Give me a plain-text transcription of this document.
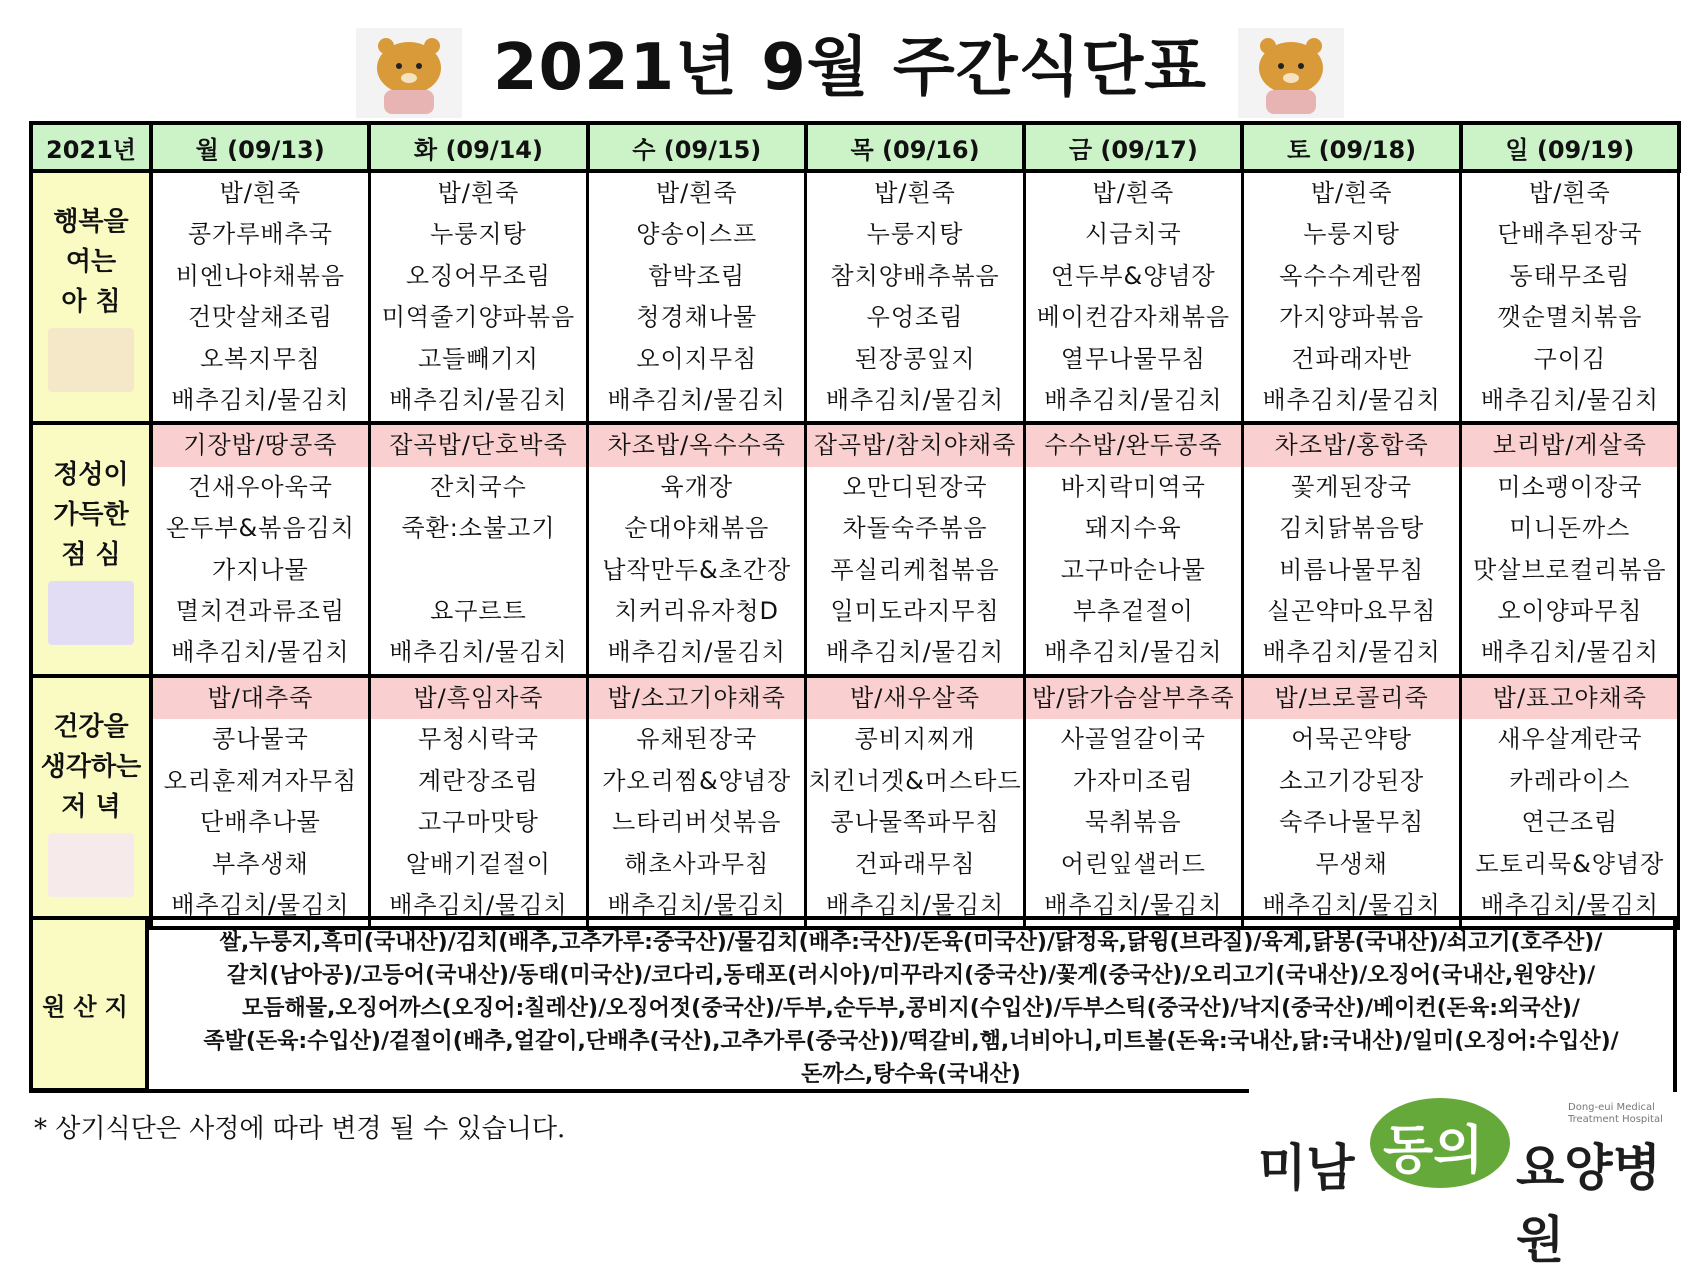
2021년 9월 주간식단표
2021년	월 (09/13)	화 (09/14)	수 (09/15)	목 (09/16)	금 (09/17)	토 (09/18)	일 (09/19)

행복을
여는
아 침	밥/흰죽	밥/흰죽	밥/흰죽	밥/흰죽	밥/흰죽	밥/흰죽	밥/흰죽
	콩가루배추국	누룽지탕	양송이스프	누룽지탕	시금치국	누룽지탕	단배추된장국
	비엔나야채볶음	오징어무조림	함박조림	참치양배추볶음	연두부&양념장	옥수수계란찜	동태무조림
	건맛살채조림	미역줄기양파볶음	청경채나물	우엉조림	베이컨감자채볶음	가지양파볶음	깻순멸치볶음
	오복지무침	고들빼기지	오이지무침	된장콩잎지	열무나물무침	건파래자반	구이김
	배추김치/물김치	배추김치/물김치	배추김치/물김치	배추김치/물김치	배추김치/물김치	배추김치/물김치	배추김치/물김치

정성이
가득한
점 심	기장밥/땅콩죽	잡곡밥/단호박죽	차조밥/옥수수죽	잡곡밥/참치야채죽	수수밥/완두콩죽	차조밥/홍합죽	보리밥/게살죽
	건새우아욱국	잔치국수	육개장	오만디된장국	바지락미역국	꽃게된장국	미소팽이장국
	온두부&볶음김치	죽환:소불고기	순대야채볶음	차돌숙주볶음	돼지수육	김치닭볶음탕	미니돈까스
	가지나물		납작만두&초간장	푸실리케첩볶음	고구마순나물	비름나물무침	맛살브로컬리볶음
	멸치견과류조림	요구르트	치커리유자청D	일미도라지무침	부추겉절이	실곤약마요무침	오이양파무침
	배추김치/물김치	배추김치/물김치	배추김치/물김치	배추김치/물김치	배추김치/물김치	배추김치/물김치	배추김치/물김치

건강을
생각하는
저 녁	밥/대추죽	밥/흑임자죽	밥/소고기야채죽	밥/새우살죽	밥/닭가슴살부추죽	밥/브로콜리죽	밥/표고야채죽
	콩나물국	무청시락국	유채된장국	콩비지찌개	사골얼갈이국	어묵곤약탕	새우살계란국
	오리훈제겨자무침	계란장조림	가오리찜&양념장	치킨너겟&머스타드	가자미조림	소고기강된장	카레라이스
	단배추나물	고구마맛탕	느타리버섯볶음	콩나물쪽파무침	묵취볶음	숙주나물무침	연근조림
	부추생채	알배기겉절이	해초사과무침	건파래무침	어린잎샐러드	무생채	도토리묵&양념장
	배추김치/물김치	배추김치/물김치	배추김치/물김치	배추김치/물김치	배추김치/물김치	배추김치/물김치	배추김치/물김치
원산지
쌀,누룽지,흑미(국내산)/김치(배추,고추가루:중국산)/물김치(배추:국산)/돈육(미국산)/닭정육,닭윙(브라질)/육계,닭봉(국내산)/쇠고기(호주산)/
갈치(남아공)/고등어(국내산)/동태(미국산)/코다리,동태포(러시아)/미꾸라지(중국산)/꽃게(중국산)/오리고기(국내산)/오징어(국내산,원양산)/
모듬해물,오징어까스(오징어:칠레산)/오징어젓(중국산)/두부,순두부,콩비지(수입산)/두부스틱(중국산)/낙지(중국산)/베이컨(돈육:외국산)/
족발(돈육:수입산)/겉절이(배추,얼갈이,단배추(국산),고추가루(중국산))/떡갈비,햄,너비아니,미트볼(돈육:국내산,닭:국내산)/일미(오징어:수입산)/
돈까스,탕수육(국내산)
* 상기식단은 사정에 따라 변경 될 수 있습니다.
미남 동의 요양병원
Dong-eui Medical
Treatment Hospital
